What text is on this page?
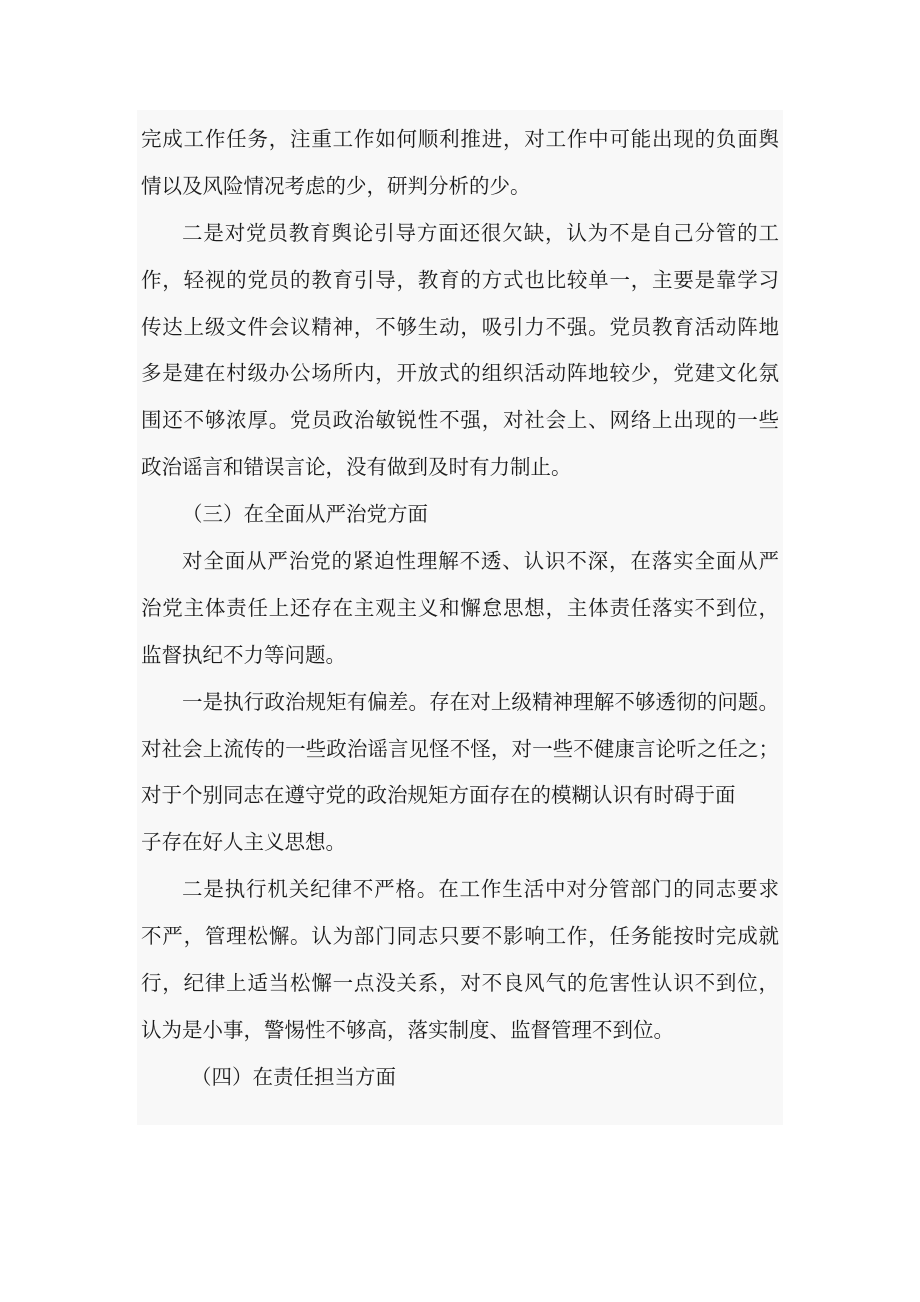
完成工作任务，注重工作如何顺利推进，对工作中可能出现的负面舆
情以及风险情况考虑的少，研判分析的少。
二是对党员教育舆论引导方面还很欠缺，认为不是自己分管的工
作，轻视的党员的教育引导，教育的方式也比较单一，主要是靠学习
传达上级文件会议精神，不够生动，吸引力不强。党员教育活动阵地
多是建在村级办公场所内，开放式的组织活动阵地较少，党建文化氛
围还不够浓厚。党员政治敏锐性不强，对社会上、网络上出现的一些
政治谣言和错误言论，没有做到及时有力制止。
（三）在全面从严治党方面
对全面从严治党的紧迫性理解不透、认识不深，在落实全面从严
治党主体责任上还存在主观主义和懈怠思想，主体责任落实不到位，
监督执纪不力等问题。
一是执行政治规矩有偏差。存在对上级精神理解不够透彻的问题。
对社会上流传的一些政治谣言见怪不怪，对一些不健康言论听之任之；
对于个别同志在遵守党的政治规矩方面存在的模糊认识有时碍于面
子存在好人主义思想。
二是执行机关纪律不严格。在工作生活中对分管部门的同志要求
不严，管理松懈。认为部门同志只要不影响工作，任务能按时完成就
行，纪律上适当松懈一点没关系，对不良风气的危害性认识不到位，
认为是小事，警惕性不够高，落实制度、监督管理不到位。
（四）在责任担当方面
